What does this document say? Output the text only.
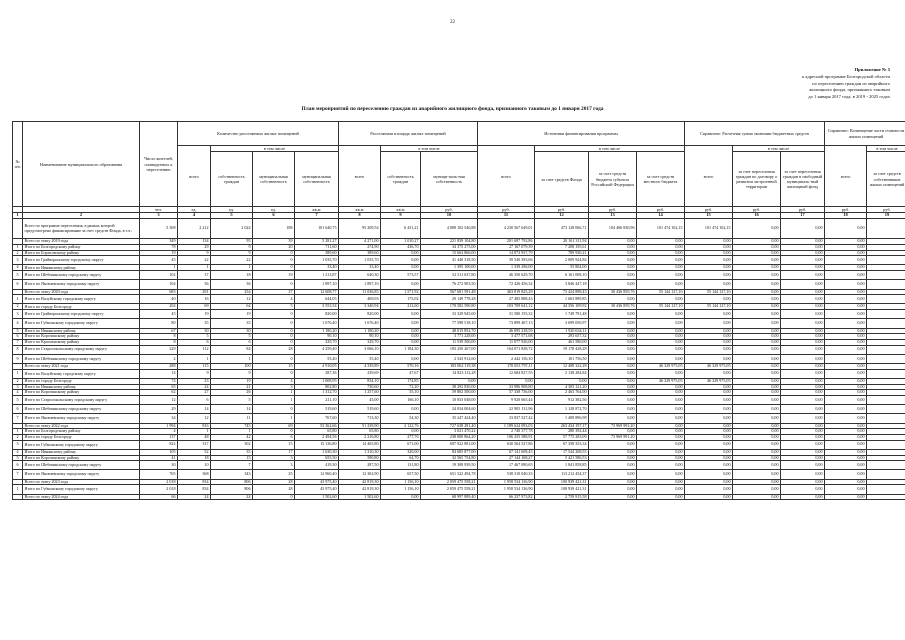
22
Приложение № 5
к адресной программе Белгородской области
по переселению граждан из аварийного
жилищного фонда, признанного таковым
до 1 января 2017 года, в 2019 - 2025 годах
План мероприятий по переселению граждан из аварийного жилищного фонда, признанного таковым до 1 января 2017 года
№ п/п	Наименование муниципального образования	Число жителей, планируемых к переселению	Количество расселяемых жилых помещений				Расселяемая площадь жилых помещений			Источники финансирования программы				Справочно: Расчетная сумма экономии бюджетных средств			Справочно: Возмещение части стоимости жилых помещений		
			всего	в том числе			всего	в том числе		всего	в том числе			всего	в том числе		всего	в том числе	
				собственность граждан	муниципальная собственность	муниципальная собственность		собственность граждан	муници-паль-ная собственность		за счет средств Фонда	за счет средств бюджета субъекта Российской Федерации	за счет средств местного бюджета		за счет переселения граждан по договору о развитии застроенной территории	за счет переселения граждан в свободный муниципаль-ный жилищный фонд		за счет средств собственников жилых помещений	
		чел.	ед.	ед.	ед.	кв.м	кв.м	кв.м	руб.	руб.	руб.	руб.	руб.	руб.	руб.	руб.	руб.	руб.	
1	2	3	4	5	6	7	8	9	10	11	12	13	14	15	16	17	18	19	
	Всего по программе переселения, в рамках которой предусмотрено финансирование за счет средств Фонда, в т.ч.:	5 308	2 212	2 024	188	101 640,75	95 209,54	6 431,21	4 808 102 546,88	4 230 567 649,01	473 128 066,71	104 406 830,96	101 474 102,15	101 474 102,15	0,00	0,00	0,00		
	Всего по этапу 2019 года	349	134	95	39	5 281,27	4 271,00	1 010,27	221 839 104,80	201 697 792,86	20 161 311,94	0,00	0,00	0,00	0,00	0,00	0,00		
1	Итого по Белгородскому району	78	29	9	20	711,60	274,90	436,70	34 375 275,00	27 167 079,39	7 208 195,61	0,00	0,00	0,00	0,00	0,00	0,00		
2	Итого по Борисовскому району	19	9	9	0	389,60	389,60	0,00	15 663 866,00	14 873 937,79	789 930,21	0,00	0,00	0,00	0,00	0,00	0,00		
3	Итого по Грайворонскому городскому округу	45	22	22	0	1 035,70	1 035,70	0,00	41 440 318,50	39 540 393,66	2 009 924,84	0,00	0,00	0,00	0,00	0,00	0,00		
4	Итого по Ивнянскому району	1	1	1	0	33,40	33,40	0,00	1 395 100,00	1 339 296,00	55 804,00	0,00	0,00	0,00	0,00	0,00	0,00		
5	Итого по Шебекинскому городскому округу	102	37	18	19	1 213,87	640,30	573,57	52 511 637,80	46 350 629,70	6 161 008,10	0,00	0,00	0,00	0,00	0,00	0,00		
6	Итого по Яковлевскому городскому округу	104	36	36	0	1 897,10	1 897,10	0,00	76 272 903,50	72 426 456,32	3 846 447,18	0,00	0,00	0,00	0,00	0,00	0,00		
	Всего по этапу 2020 года	683	291	254	37	12 608,77	11 036,85	1 571,92	567 681 591,48	463 819 825,29	73 424 898,43	30 436 859,76	55 144 127,10	55 144 127,10	0,00	0,00	0,00		
1	Итого по Валуйскому городскому округу	40	16	12	4	644,05	469,03	175,02	29 149 778,28	27 485 888,43	1 663 889,85	0,00	0,00	0,00	0,00	0,00	0,00		
2	Итого по городу Белгороду	204	69	64	5	3 553,54	3 340,94	212,60	178 582 590,80	103 709 641,12	44 356 109,92	30 436 859,76	55 144 127,10	55 144 127,10	0,00	0,00	0,00		
3	Итого по Грайворонскому городскому округу	45	19	19	0	820,00	820,00	0,00	33 329 945,00	31 580 155,32	1 749 791,48	0,00	0,00	0,00	0,00	0,00	0,00		
4	Итого по Губкинскому городскому округу	80	35	35	0	1 676,40	1 676,40	0,00	77 598 518,10	73 899 467,13	3 699 050,97	0,00	0,00	0,00	0,00	0,00	0,00		
5	Итого по Ивнянскому району	67	30	30	0	1 180,20	1 180,20	0,00	48 015 852,70	46 095 218,59	1 920 634,11	0,00	0,00	0,00	0,00	0,00	0,00		
6	Итого по Корочанскому району	8	5	5	0	90,10	90,10	0,00	3 771 228,00	3 477 571,68	293 657,32	0,00	0,00	0,00	0,00	0,00	0,00		
7	Итого по Красненскому району	8	6	6	0	329,70	329,70	0,00	11 539 500,00	11 077 920,00	461 580,00	0,00	0,00	0,00	0,00	0,00	0,00		
8	Итого по Старооскольскому городскому округу	229	112	84	28	4 259,40	3 066,10	1 184,30	183 250 267,00	164 071 838,72	19 178 428,28	0,00	0,00	0,00	0,00	0,00	0,00		
9	Итого по Шебекинскому городскому округу	2	1	1	0	55,40	55,40	0,00	2 543 912,60	2 442 156,10	101 756,50	0,00	0,00	0,00	0,00	0,00	0,00		
	Всего по этапу 2021 года	288	115	100	15	4 910,05	4 339,89	570,16	183 062 119,38	170 653 797,11	12 408 322,28	0,00	46 329 975,05	46 329 975,05	0,00	0,00	0,00		
1	Итого по Валуйскому городскому округу	14	9	9	0	287,36	239,69	47,67	14 823 112,28	12 684 827,55	2 138 284,84	0,00	0,00	0,00	0,00	0,00	0,00		
2	Итого по городу Белгороду	74	23	19	4	1 008,95	834,10	174,85	0,00	0,00	0,00	0,00	46 329 975,05	46 329 975,05	0,00	0,00	0,00		
3	Итого по Ивнянскому району	65	24	21	3	802,80	730,60	72,20	38 292 830,00	33 986 908,80	4 305 121,20	0,00	0,00	0,00	0,00	0,00	0,00		
4	Итого по Корочанскому району	62	27	26	1	1 312,70	1 257,60	55,10	59 802 500,00	57 338 736,00	2 463 764,00	0,00	0,00	0,00	0,00	0,00	0,00		
5	Итого по Старооскольскому городскому округу	12	6	5	1	211,10	45,00	166,10	10 833 048,00	9 920 665,44	912 382,56	0,00	0,00	0,00	0,00	0,00	0,00		
6	Итого по Шебекинскому городскому округу	29	14	14	0	519,60	519,60	0,00	24 034 004,60	22 905 131,96	1 128 872,70	0,00	0,00	0,00	0,00	0,00	0,00		
7	Итого по Яковлевскому городскому округу	34	12	11	1	767,60	713,30	54,30	35 247 424,40	33 837 527,42	1 409 896,98	0,00	0,00	0,00	0,00	0,00	0,00		
	Всего по этапу 2022 года	1 994	816	745	69	53 362,66	51 239,90	2 122,76	727 638 281,40	1 189 624 093,03	263 434 197,17	73 969 991,20	0,00	0,00	0,00	0,00	0,00		
1	Итого по Белгородскому району	4	1	1	0	65,80	65,80	0,00	3 021 470,22	2 740 377,78	280 392,44	0,00	0,00	0,00	0,00	0,00	0,00		
2	Итого по городу Белгороду	137	48	42	6	2 494,56	2 216,80	277,76	238 000 864,20	106 255 588,91	57 775 283,09	73 969 991,20	0,00	0,00	0,00	0,00	0,00		
3	Итого по Губкинскому городскому округу	822	317	302	15	15 136,80	14 465,80	671,00	697 922 881,00	630 564 527,86	67 358 353,34	0,00	0,00	0,00	0,00	0,00	0,00		
4	Итого по Ивнянскому району	105	52	35	17	1 630,30	1 310,30	320,00	84 685 877,00	67 141 608,45	17 544 268,55	0,00	0,00	0,00	0,00	0,00	0,00		
5	Итого по Корочанскому району	41	18	15	3	655,50	590,80	64,70	32 565 754,80	27 144 168,27	5 421 586,53	0,00	0,00	0,00	0,00	0,00	0,00		
6	Итого по Шебекинскому городскому округу	30	10	7	3	419,30	287,50	131,80	19 308 939,50	17 467 080,65	1 841 858,85	0,00	0,00	0,00	0,00	0,00	0,00		
7	Итого по Яковлевскому городскому округу	765	368	343	25	12 960,40	12 302,90	657,50	651 522 494,78	538 310 040,33	113 212 454,37	0,00	0,00	0,00	0,00	0,00	0,00		
	Всего по этапу 2023 года	2 018	834	806	28	43 975,40	42 819,30	1 156,10	2 059 475 558,21	1 958 534 136,90	100 939 421,31	0,00	0,00	0,00	0,00	0,00	0,00		
1	Итого по Губкинскому городскому округу	2 018	834	806	28	43 975,40	42 819,30	1 156,10	2 059 475 558,21	1 958 534 136,90	100 939 421,31	0,00	0,00	0,00	0,00	0,00	0,00		
	Всего по этапу 2024 года	66	24	24	0	1 502,60	1 502,60	0,00	68 997 889,40	66 237 973,82	2 759 915,58	0,00	0,00	0,00	0,00	0,00	0,00		
